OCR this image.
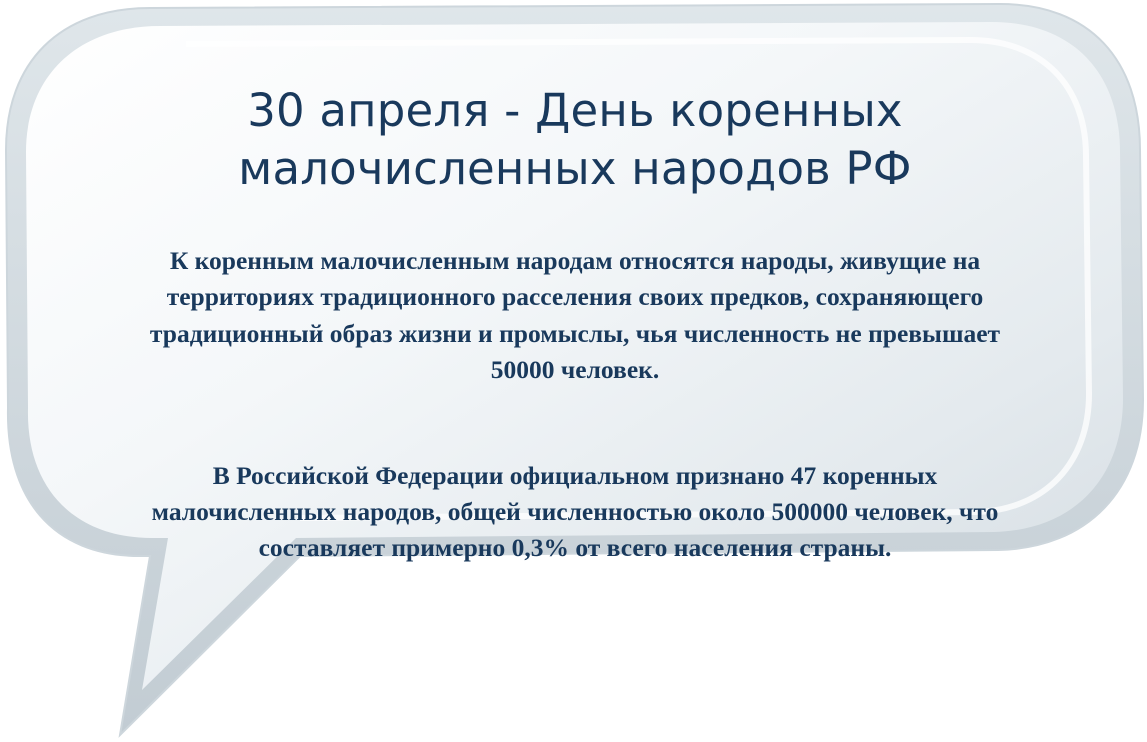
30 апреля - День коренных малочисленных народов РФ

К коренным малочисленным народам относятся народы, живущие на территориях традиционного расселения своих предков, сохраняющего традиционный образ жизни и промыслы, чья численность не превышает 50000 человек.

В Российской Федерации официальном признано 47 коренных малочисленных народов, общей численностью около 500000 человек, что составляет примерно 0,3% от всего населения страны.
